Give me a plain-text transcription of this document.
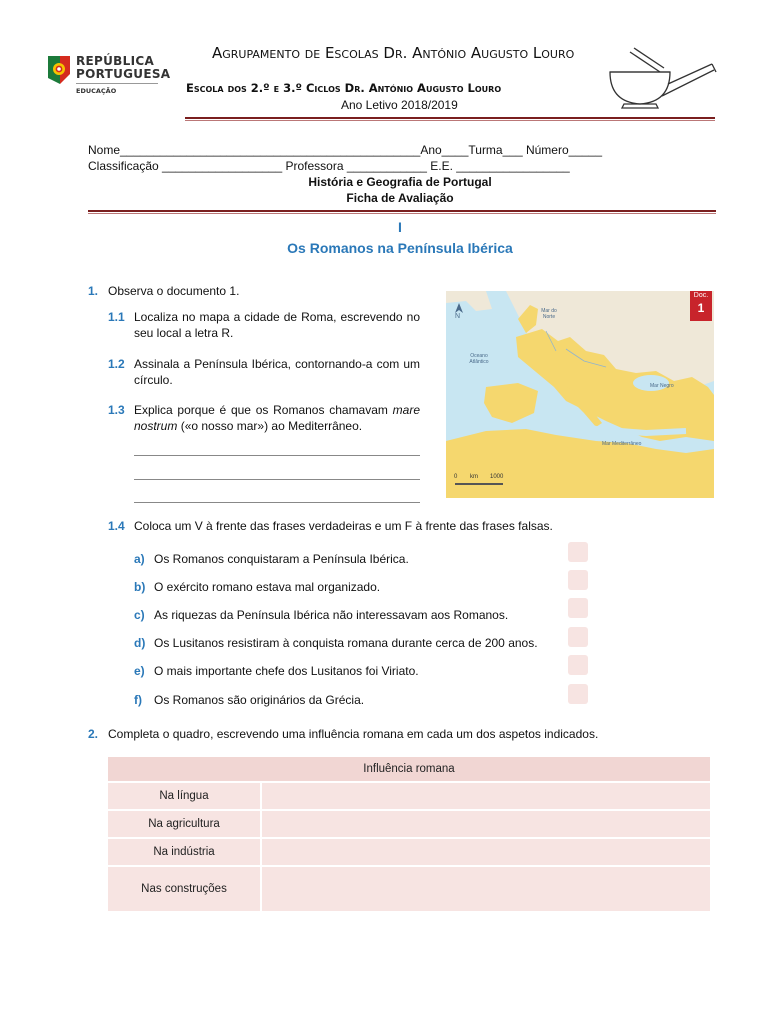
REPÚBLICA
PORTUGUESA
EDUCAÇÃO
Agrupamento de Escolas Dr. António Augusto Louro
Escola dos 2.º e 3.º Ciclos Dr. António Augusto Louro
Ano Letivo 2018/2019
Nome_____________________________________________Ano____Turma___ Número_____
Classificação __________________ Professora ____________ E.E. _________________
História e Geografia de Portugal
Ficha de Avaliação
I
Os Romanos na Península Ibérica
1. Observa o documento 1.
1.1 Localiza no mapa a cidade de Roma, escrevendo no seu local a letra R.
1.2 Assinala a Península Ibérica, contornando-a com um círculo.
1.3 Explica porque é que os Romanos chamavam mare nostrum («o nosso mar») ao Mediterrâneo.
Doc.
1
N
Mar do Norte
Oceano Atlântico
Mar Negro
Mar Mediterrâneo
0 km 1000
1.4 Coloca um V à frente das frases verdadeiras e um F à frente das frases falsas.
a) Os Romanos conquistaram a Península Ibérica.
b) O exército romano estava mal organizado.
c) As riquezas da Península Ibérica não interessavam aos Romanos.
d) Os Lusitanos resistiram à conquista romana durante cerca de 200 anos.
e) O mais importante chefe dos Lusitanos foi Viriato.
f) Os Romanos são originários da Grécia.
2. Completa o quadro, escrevendo uma influência romana em cada um dos aspetos indicados.
Influência romana	
Na língua	
Na agricultura	
Na indústria	
Nas construções	
